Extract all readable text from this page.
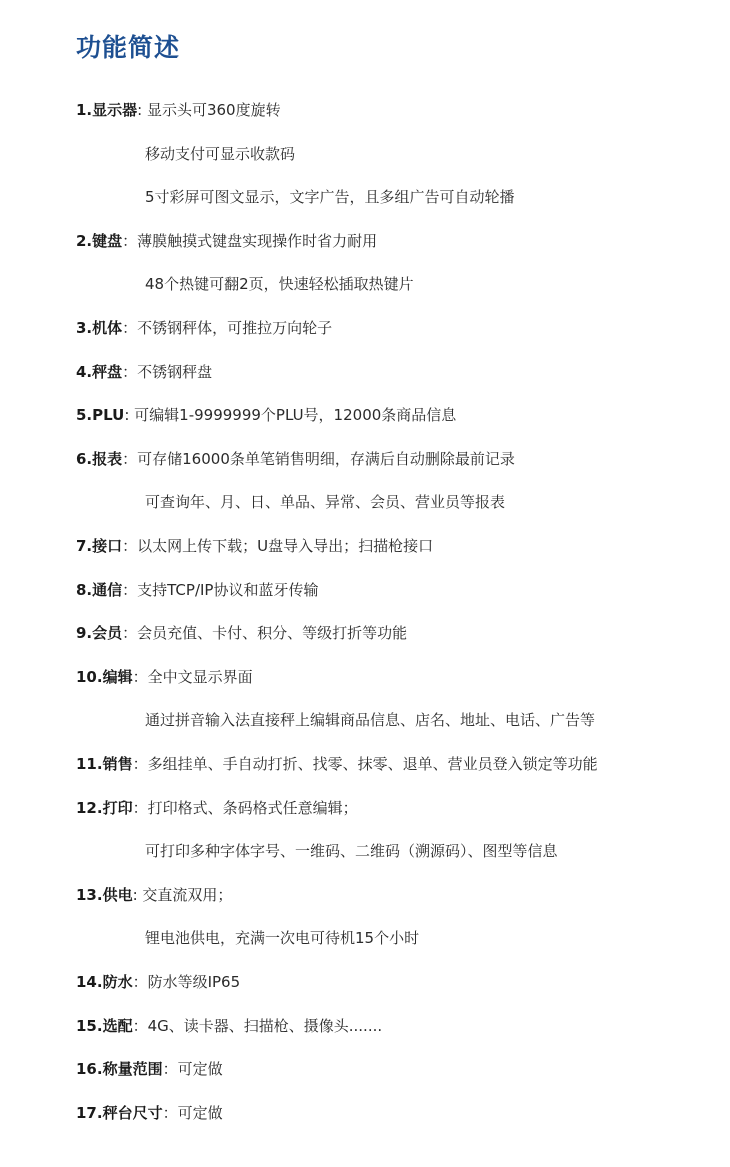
功能简述
1.显示器: 显示头可360度旋转
移动支付可显示收款码
5寸彩屏可图文显示，文字广告，且多组广告可自动轮播
2.键盘：薄膜触摸式键盘实现操作时省力耐用
48个热键可翻2页，快速轻松插取热键片
3.机体：不锈钢秤体，可推拉万向轮子
4.秤盘：不锈钢秤盘
5.PLU: 可编辑1-9999999个PLU号，12000条商品信息
6.报表：可存储16000条单笔销售明细，存满后自动删除最前记录
可查询年、月、日、单品、异常、会员、营业员等报表
7.接口：以太网上传下载；U盘导入导出；扫描枪接口
8.通信：支持TCP/IP协议和蓝牙传输
9.会员：会员充值、卡付、积分、等级打折等功能
10.编辑：全中文显示界面
通过拼音输入法直接秤上编辑商品信息、店名、地址、电话、广告等
11.销售：多组挂单、手自动打折、找零、抹零、退单、营业员登入锁定等功能
12.打印：打印格式、条码格式任意编辑；
可打印多种字体字号、一维码、二维码（溯源码）、图型等信息
13.供电: 交直流双用；
锂电池供电，充满一次电可待机15个小时
14.防水：防水等级IP65
15.选配：4G、读卡器、扫描枪、摄像头.......
16.称量范围：可定做
17.秤台尺寸：可定做
